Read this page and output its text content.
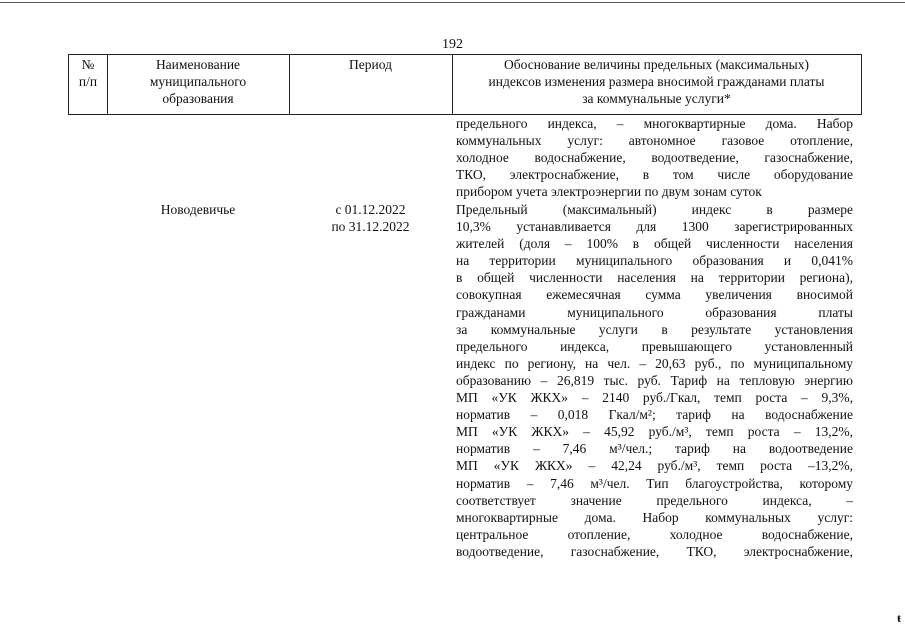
192
№
п/п
Наименование
муниципального
образования
Период	Обоснование величины предельных (максимальных)
индексов изменения размера вносимой гражданами платы
за коммунальные услуги*
предельного индекса, – многоквартирные дома. Набор
коммунальных услуг: автономное газовое отопление,
холодное водоснабжение, водоотведение, газоснабжение,
ТКО, электроснабжение, в том числе оборудование
прибором учета электроэнергии по двум зонам суток
Новодевичье	с 01.12.2022
по 31.12.2022
Предельный (максимальный) индекс в размере
10,3% устанавливается для 1300 зарегистрированных
жителей (доля – 100% в общей численности населения
на территории муниципального образования и 0,041%
в общей численности населения на территории региона),
совокупная ежемесячная сумма увеличения вносимой
гражданами муниципального образования платы
за коммунальные услуги в результате установления
предельного индекса, превышающего установленный
индекс по региону, на чел. – 20,63 руб., по муниципальному
образованию – 26,819 тыс. руб. Тариф на тепловую энергию
МП «УК ЖКХ» – 2140 руб./Гкал, темп роста – 9,3%,
норматив – 0,018 Гкал/м²; тариф на водоснабжение
МП «УК ЖКХ» – 45,92 руб./м³, темп роста – 13,2%,
норматив – 7,46 м³/чел.; тариф на водоотведение
МП «УК ЖКХ» – 42,24 руб./м³, темп роста –13,2%,
норматив – 7,46 м³/чел. Тип благоустройства, которому
соответствует значение предельного индекса, –
многоквартирные дома. Набор коммунальных услуг:
центральное отопление, холодное водоснабжение,
водоотведение, газоснабжение, ТКО, электроснабжение,
ŧ
